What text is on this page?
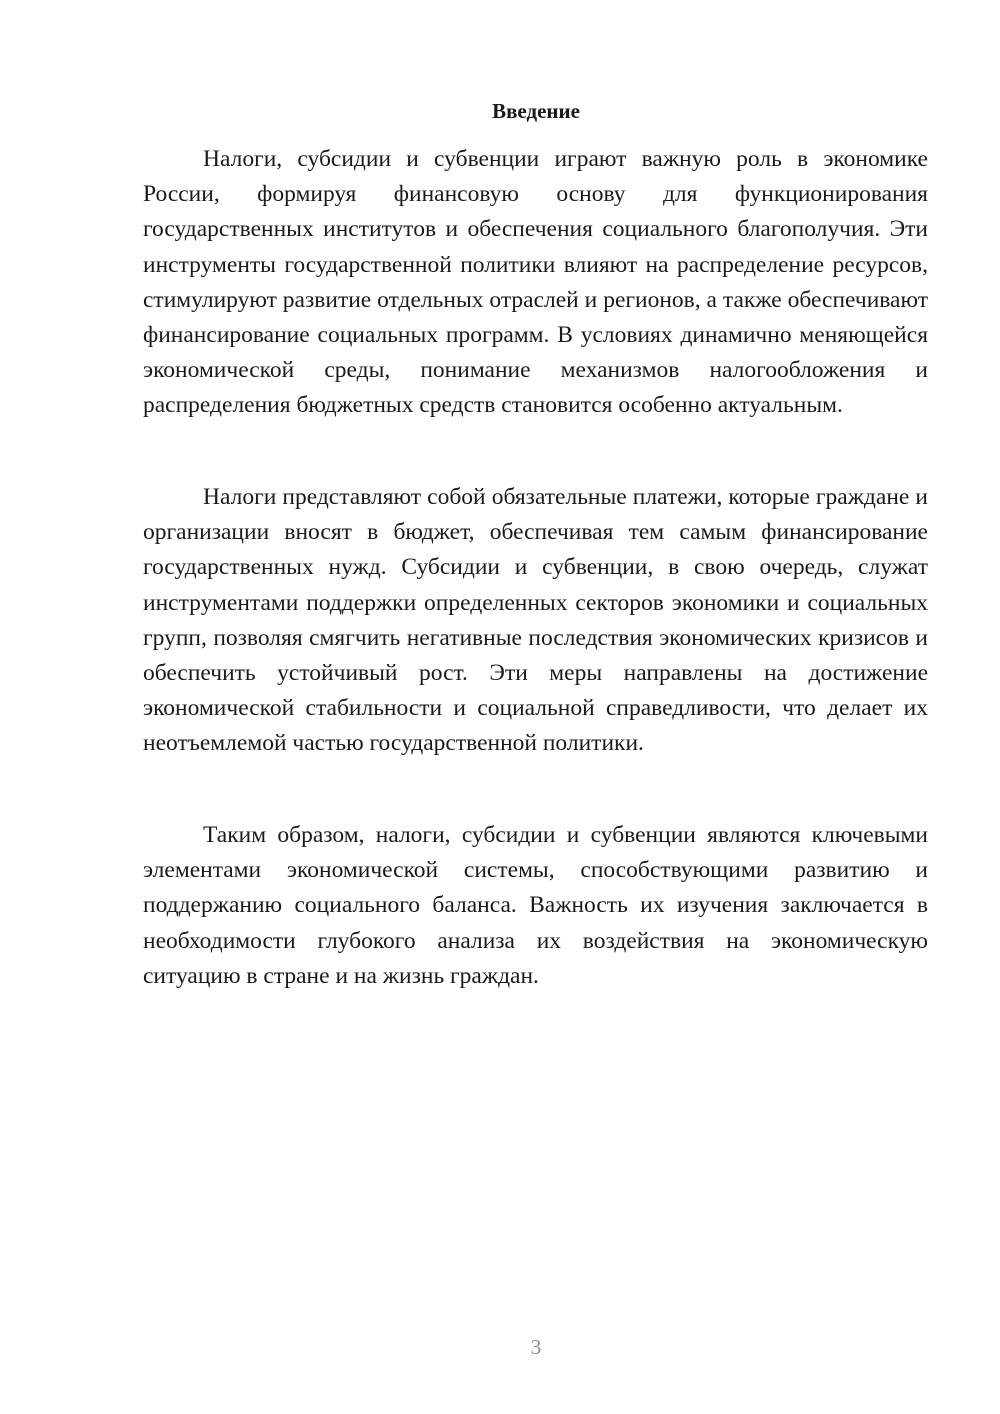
Введение

Налоги, субсидии и субвенции играют важную роль в экономике России, формируя финансовую основу для функционирования государственных институтов и обеспечения социального благополучия. Эти инструменты государственной политики влияют на распределение ресурсов, стимулируют развитие отдельных отраслей и регионов, а также обеспечивают финансирование социальных программ. В условиях динамично меняющейся экономической среды, понимание механизмов налогообложения и распределения бюджетных средств становится особенно актуальным.

Налоги представляют собой обязательные платежи, которые граждане и организации вносят в бюджет, обеспечивая тем самым финансирование государственных нужд. Субсидии и субвенции, в свою очередь, служат инструментами поддержки определенных секторов экономики и социальных групп, позволяя смягчить негативные последствия экономических кризисов и обеспечить устойчивый рост. Эти меры направлены на достижение экономической стабильности и социальной справедливости, что делает их неотъемлемой частью государственной политики.

Таким образом, налоги, субсидии и субвенции являются ключевыми элементами экономической системы, способствующими развитию и поддержанию социального баланса. Важность их изучения заключается в необходимости глубокого анализа их воздействия на экономическую ситуацию в стране и на жизнь граждан.

3
